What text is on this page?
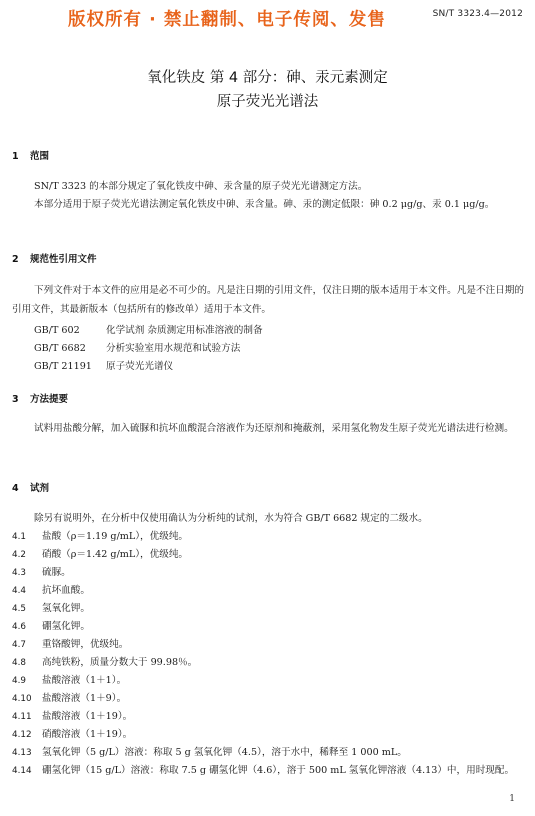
版权所有 · 禁止翻制、电子传阅、发售	SN/T 3323.4—2012
氧化铁皮 第 4 部分：砷、汞元素测定
原子荧光光谱法
1 范围
SN/T 3323 的本部分规定了氧化铁皮中砷、汞含量的原子荧光光谱测定方法。
本部分适用于原子荧光光谱法测定氧化铁皮中砷、汞含量。砷、汞的测定低限：砷 0.2 μg/g、汞 0.1 μg/g。
2 规范性引用文件
下列文件对于本文件的应用是必不可少的。凡是注日期的引用文件，仅注日期的版本适用于本文件。凡是不注日期的引用文件，其最新版本（包括所有的修改单）适用于本文件。
GB/T 602	化学试剂 杂质测定用标准溶液的制备
GB/T 6682 分析实验室用水规范和试验方法
GB/T 21191 原子荧光光谱仪
3 方法提要
试料用盐酸分解，加入硫脲和抗坏血酸混合溶液作为还原剂和掩蔽剂，采用氢化物发生原子荧光光谱法进行检测。
4 试剂
除另有说明外，在分析中仅使用确认为分析纯的试剂，水为符合 GB/T 6682 规定的二级水。
4.1 盐酸（ρ＝1.19 g/mL），优级纯。
4.2 硝酸（ρ＝1.42 g/mL），优级纯。
4.3 硫脲。
4.4 抗坏血酸。
4.5 氢氧化钾。
4.6 硼氢化钾。
4.7 重铬酸钾，优级纯。
4.8 高纯铁粉，质量分数大于 99.98％。
4.9 盐酸溶液（1＋1）。
4.10 盐酸溶液（1＋9）。
4.11 盐酸溶液（1＋19）。
4.12 硝酸溶液（1＋19）。
4.13 氢氧化钾（5 g/L）溶液：称取 5 g 氢氧化钾（4.5），溶于水中，稀释至 1 000 mL。
4.14 硼氢化钾（15 g/L）溶液：称取 7.5 g 硼氢化钾（4.6），溶于 500 mL 氢氧化钾溶液（4.13）中，用时现配。
1
